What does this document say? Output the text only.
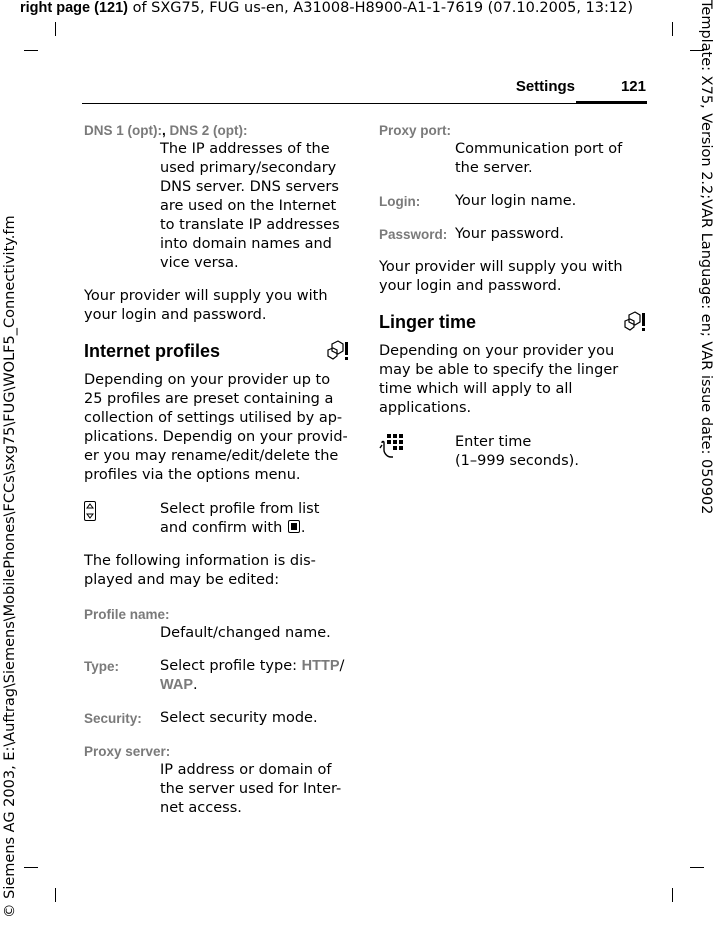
right page (121) of SXG75, FUG us-en, A31008-H8900-A1-1-7619 (07.10.2005, 13:12)	Template: X75, Version 2.2;VAR Language: en; VAR issue date: 050902
© Siemens AG 2003, E:\Auftrag\Siemens\MobilePhones\FCCs\sxg75\FUG\WOLF5_Connectivity.fm
Settings	121
DNS 1 (opt):, DNS 2 (opt):
The IP addresses of the used primary/secondary DNS server. DNS servers are used on the Internet to translate IP addresses into domain names and vice versa.

Your provider will supply you with your login and password.

Internet profiles

Depending on your provider up to 25 profiles are preset containing a collection of settings utilised by ap-plications. Dependig on your provid-er you may rename/edit/delete the profiles via the options menu.

Select profile from list and confirm with .

The following information is dis-played and may be edited:

Profile name:
Default/changed name.
Type:	Select profile type: HTTP/
WAP.
Security:	Select security mode.
Proxy server:
IP address or domain of the server used for Inter-net access.
Proxy port:
Communication port of the server.
Login:	Your login name.
Password: Your password.

Your provider will supply you with your login and password.

Linger time

Depending on your provider you may be able to specify the linger time which will apply to all applications.

Enter time
(1–999 seconds).
